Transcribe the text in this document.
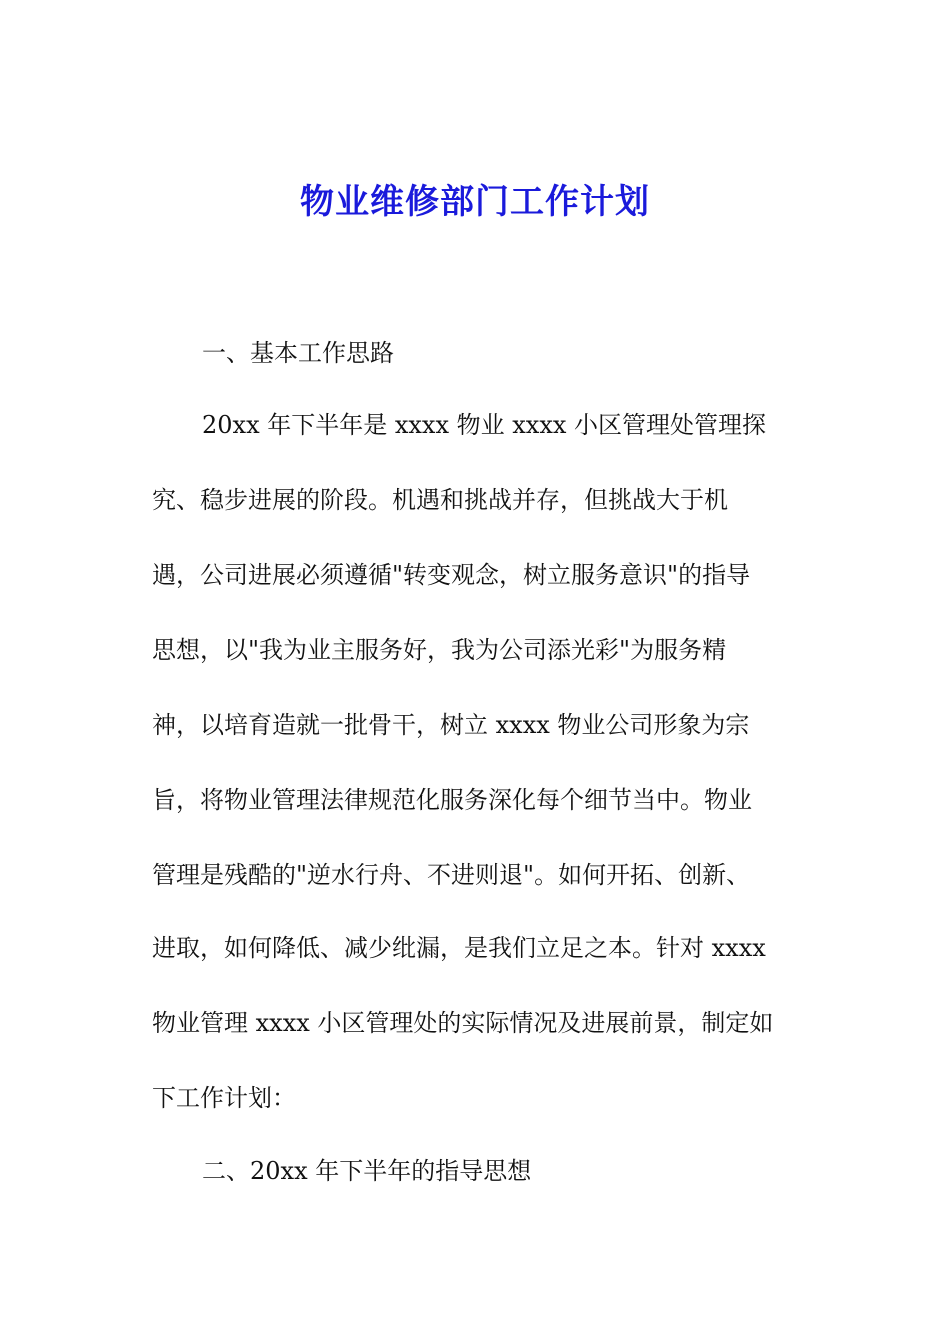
物业维修部门工作计划

一、基本工作思路

20xx 年下半年是 xxxx 物业 xxxx 小区管理处管理探

究、稳步进展的阶段。机遇和挑战并存，但挑战大于机

遇，公司进展必须遵循"转变观念，树立服务意识"的指导

思想，以"我为业主服务好，我为公司添光彩"为服务精

神，以培育造就一批骨干，树立 xxxx 物业公司形象为宗

旨，将物业管理法律规范化服务深化每个细节当中。物业

管理是残酷的"逆水行舟、不进则退"。如何开拓、创新、

进取，如何降低、减少纰漏，是我们立足之本。针对 xxxx

物业管理 xxxx 小区管理处的实际情况及进展前景，制定如

下工作计划：

二、20xx 年下半年的指导思想
